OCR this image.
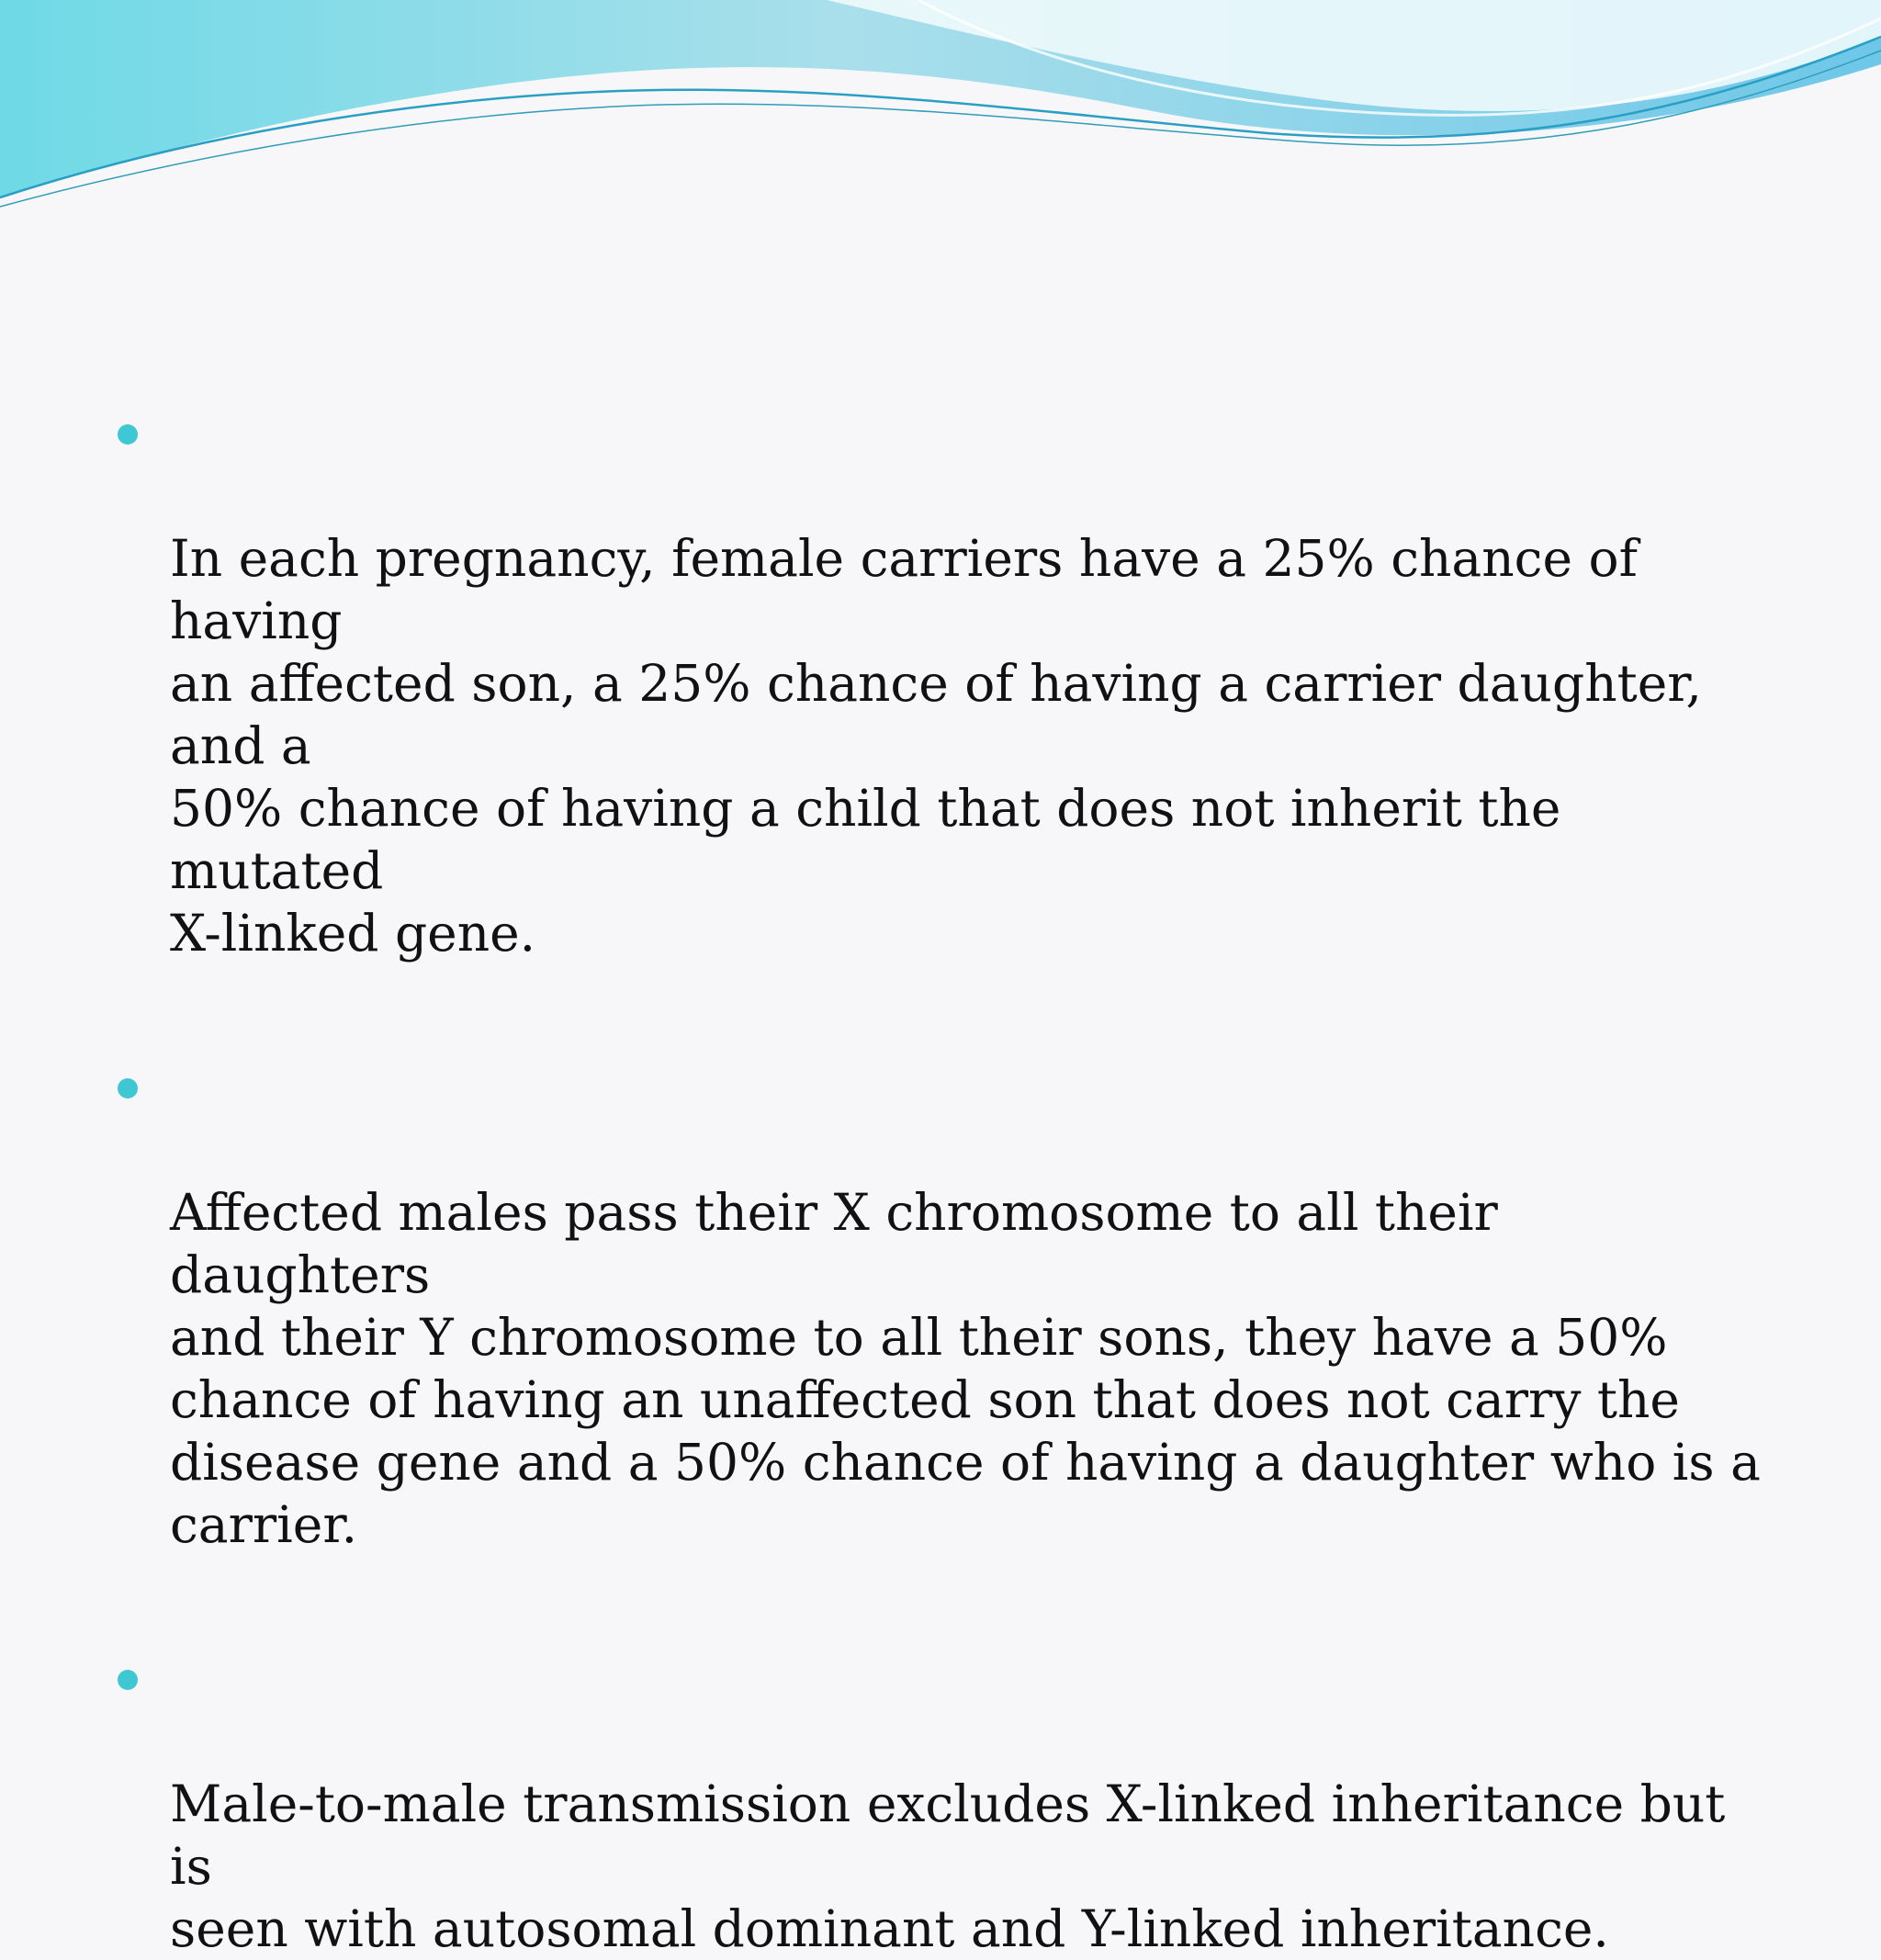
In each pregnancy, female carriers have a 25% chance of having
an affected son, a 25% chance of having a carrier daughter, and a
50% chance of having a child that does not inherit the mutated
X-linked gene.

Affected males pass their X chromosome to all their daughters
and their Y chromosome to all their sons, they have a 50%
chance of having an unaffected son that does not carry the
disease gene and a 50% chance of having a daughter who is a
carrier.

Male-to-male transmission excludes X-linked inheritance but is
seen with autosomal dominant and Y-linked inheritance.
